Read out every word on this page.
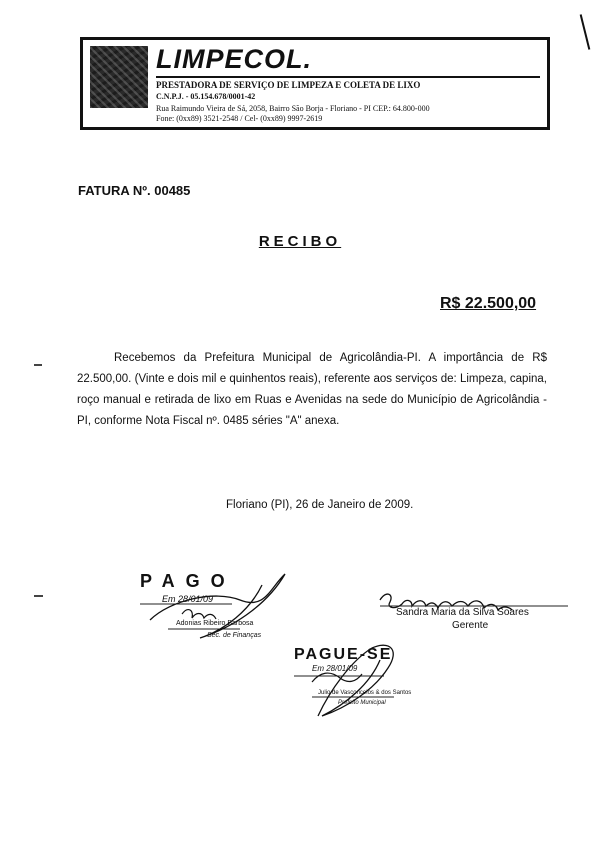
LIMPECOL.
PRESTADORA DE SERVIÇO DE LIMPEZA E COLETA DE LIXO
C.N.P.J. - 05.154.678/0001-42
Rua Raimundo Vieira de Sá, 2058, Bairro São Borja - Floriano - PI CEP.: 64.800-000
Fone: (0xx89) 3521-2548 / Cel- (0xx89) 9997-2619
FATURA Nº. 00485
RECIBO
R$ 22.500,00

Recebemos da Prefeitura Municipal de Agricolândia-PI. A importância de R$ 22.500,00. (Vinte e dois mil e quinhentos reais), referente aos serviços de: Limpeza, capina, roço manual e retirada de lixo em Ruas e Avenidas na sede do Município de Agricolândia - PI, conforme Nota Fiscal nº. 0485 séries "A" anexa.

Floriano (PI), 26 de Janeiro de 2009.
PAGO
Em 28/01/09
Adonias Ribeiro Barbosa
Sec. de Finanças
PAGUE-SE
Em 28/01/09
Julio de Vasconcelos & dos Santos
Prefeito Municipal
Sandra Maria da Silva Soares
Gerente
